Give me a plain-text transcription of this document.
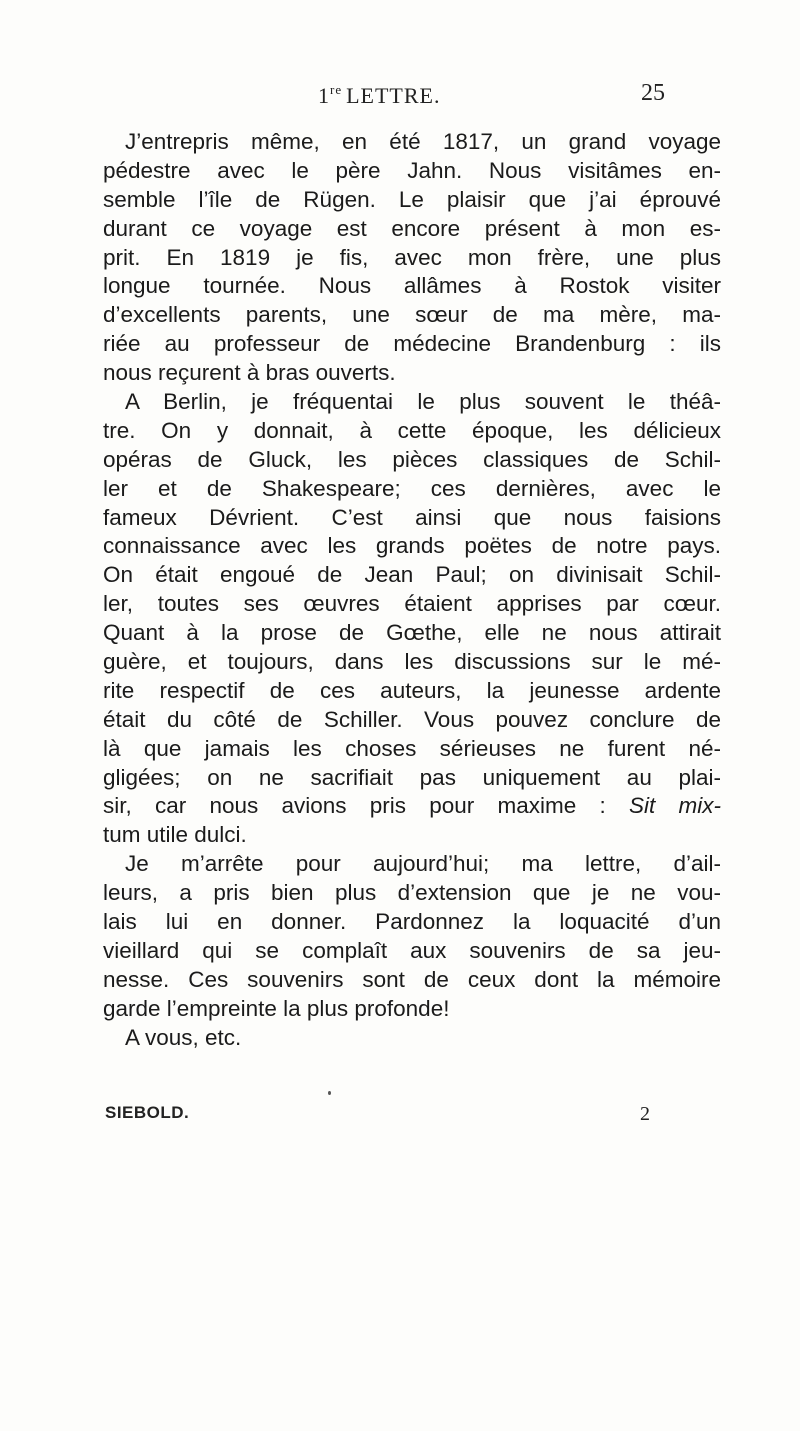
1re LETTRE.	25
J’entrepris même, en été 1817, un grand voyage
pédestre avec le père Jahn. Nous visitâmes en-
semble l’île de Rügen. Le plaisir que j’ai éprouvé
durant ce voyage est encore présent à mon es-
prit. En 1819 je fis, avec mon frère, une plus
longue tournée. Nous allâmes à Rostok visiter
d’excellents parents, une sœur de ma mère, ma-
riée au professeur de médecine Brandenburg : ils
nous reçurent à bras ouverts.
A Berlin, je fréquentai le plus souvent le théâ-
tre. On y donnait, à cette époque, les délicieux
opéras de Gluck, les pièces classiques de Schil-
ler et de Shakespeare; ces dernières, avec le
fameux Dévrient. C’est ainsi que nous faisions
connaissance avec les grands poëtes de notre pays.
On était engoué de Jean Paul; on divinisait Schil-
ler, toutes ses œuvres étaient apprises par cœur.
Quant à la prose de Gœthe, elle ne nous attirait
guère, et toujours, dans les discussions sur le mé-
rite respectif de ces auteurs, la jeunesse ardente
était du côté de Schiller. Vous pouvez conclure de
là que jamais les choses sérieuses ne furent né-
gligées; on ne sacrifiait pas uniquement au plai-
sir, car nous avions pris pour maxime : Sit mix-
tum utile dulci.
Je m’arrête pour aujourd’hui; ma lettre, d’ail-
leurs, a pris bien plus d’extension que je ne vou-
lais lui en donner. Pardonnez la loquacité d’un
vieillard qui se complaît aux souvenirs de sa jeu-
nesse. Ces souvenirs sont de ceux dont la mémoire
garde l’empreinte la plus profonde!
A vous, etc.
SIEBOLD.	2
